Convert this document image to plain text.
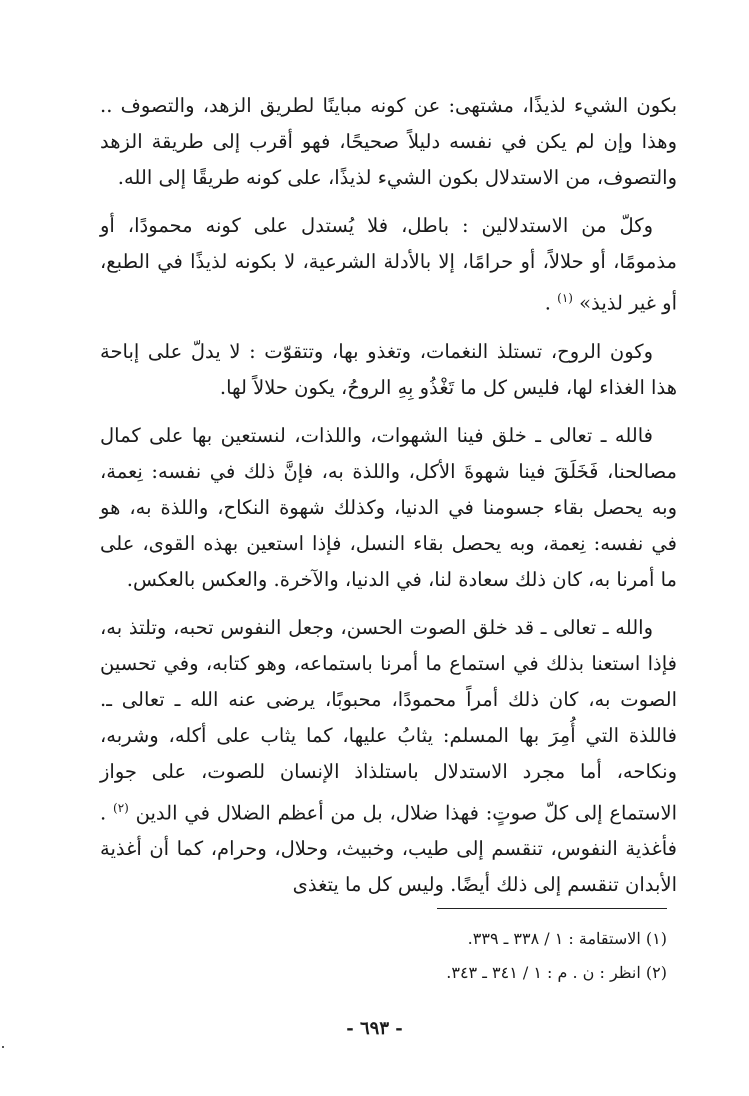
بكون الشيء لذيذًا، مشتهى: عن كونه مباينًا لطريق الزهد، والتصوف .. وهذا وإن لم يكن في نفسه دليلاً صحيحًا، فهو أقرب إلى طريقة الزهد والتصوف، من الاستدلال بكون الشيء لذيذًا، على كونه طريقًا إلى الله.

وكلّ من الاستدلالين : باطل، فلا يُستدل على كونه محمودًا، أو مذمومًا، أو حلالاً، أو حرامًا، إلا بالأدلة الشرعية، لا بكونه لذيذًا في الطبع، أو غير لذيذ» $^{(١)}$ .

وكون الروح، تستلذ النغمات، وتغذو بها، وتتقوّت : لا يدلّ على إباحة هذا الغذاء لها، فليس كل ما تَغْذُو بِهِ الروحُ، يكون حلالاً لها.

فالله ـ تعالى ـ خلق فينا الشهوات، واللذات، لنستعين بها على كمال مصالحنا، فَخَلَقَ فينا شهوةَ الأكل، واللذة به، فإنَّ ذلك في نفسه: نِعمة، وبه يحصل بقاء جسومنا في الدنيا، وكذلك شهوة النكاح، واللذة به، هو في نفسه: نِعمة، وبه يحصل بقاء النسل، فإذا استعين بهذه القوى، على ما أمرنا به، كان ذلك سعادة لنا، في الدنيا، والآخرة. والعكس بالعكس.

والله ـ تعالى ـ قد خلق الصوت الحسن، وجعل النفوس تحبه، وتلتذ به، فإذا استعنا بذلك في استماع ما أمرنا باستماعه، وهو كتابه، وفي تحسين الصوت به، كان ذلك أمراً محمودًا، محبوبًا، يرضى عنه الله ـ تعالى ـ. فاللذة التي أُمِرَ بها المسلم: يثابُ عليها، كما يثاب على أكله، وشربه، ونكاحه، أما مجرد الاستدلال باستلذاذ الإنسان للصوت، على جواز الاستماع إلى كلّ صوتٍ: فهذا ضلال، بل من أعظم الضلال في الدين $^{(٢)}$ . فأغذية النفوس، تنقسم إلى طيب، وخبيث، وحلال، وحرام، كما أن أغذية الأبدان تنقسم إلى ذلك أيضًا. وليس كل ما يتغذى

(١) الاستقامة : ١ / ٣٣٨ ـ ٣٣٩.
(٢) انظر : ن . م : ١ / ٣٤١ ـ ٣٤٣.
- ٦٩٣ -
